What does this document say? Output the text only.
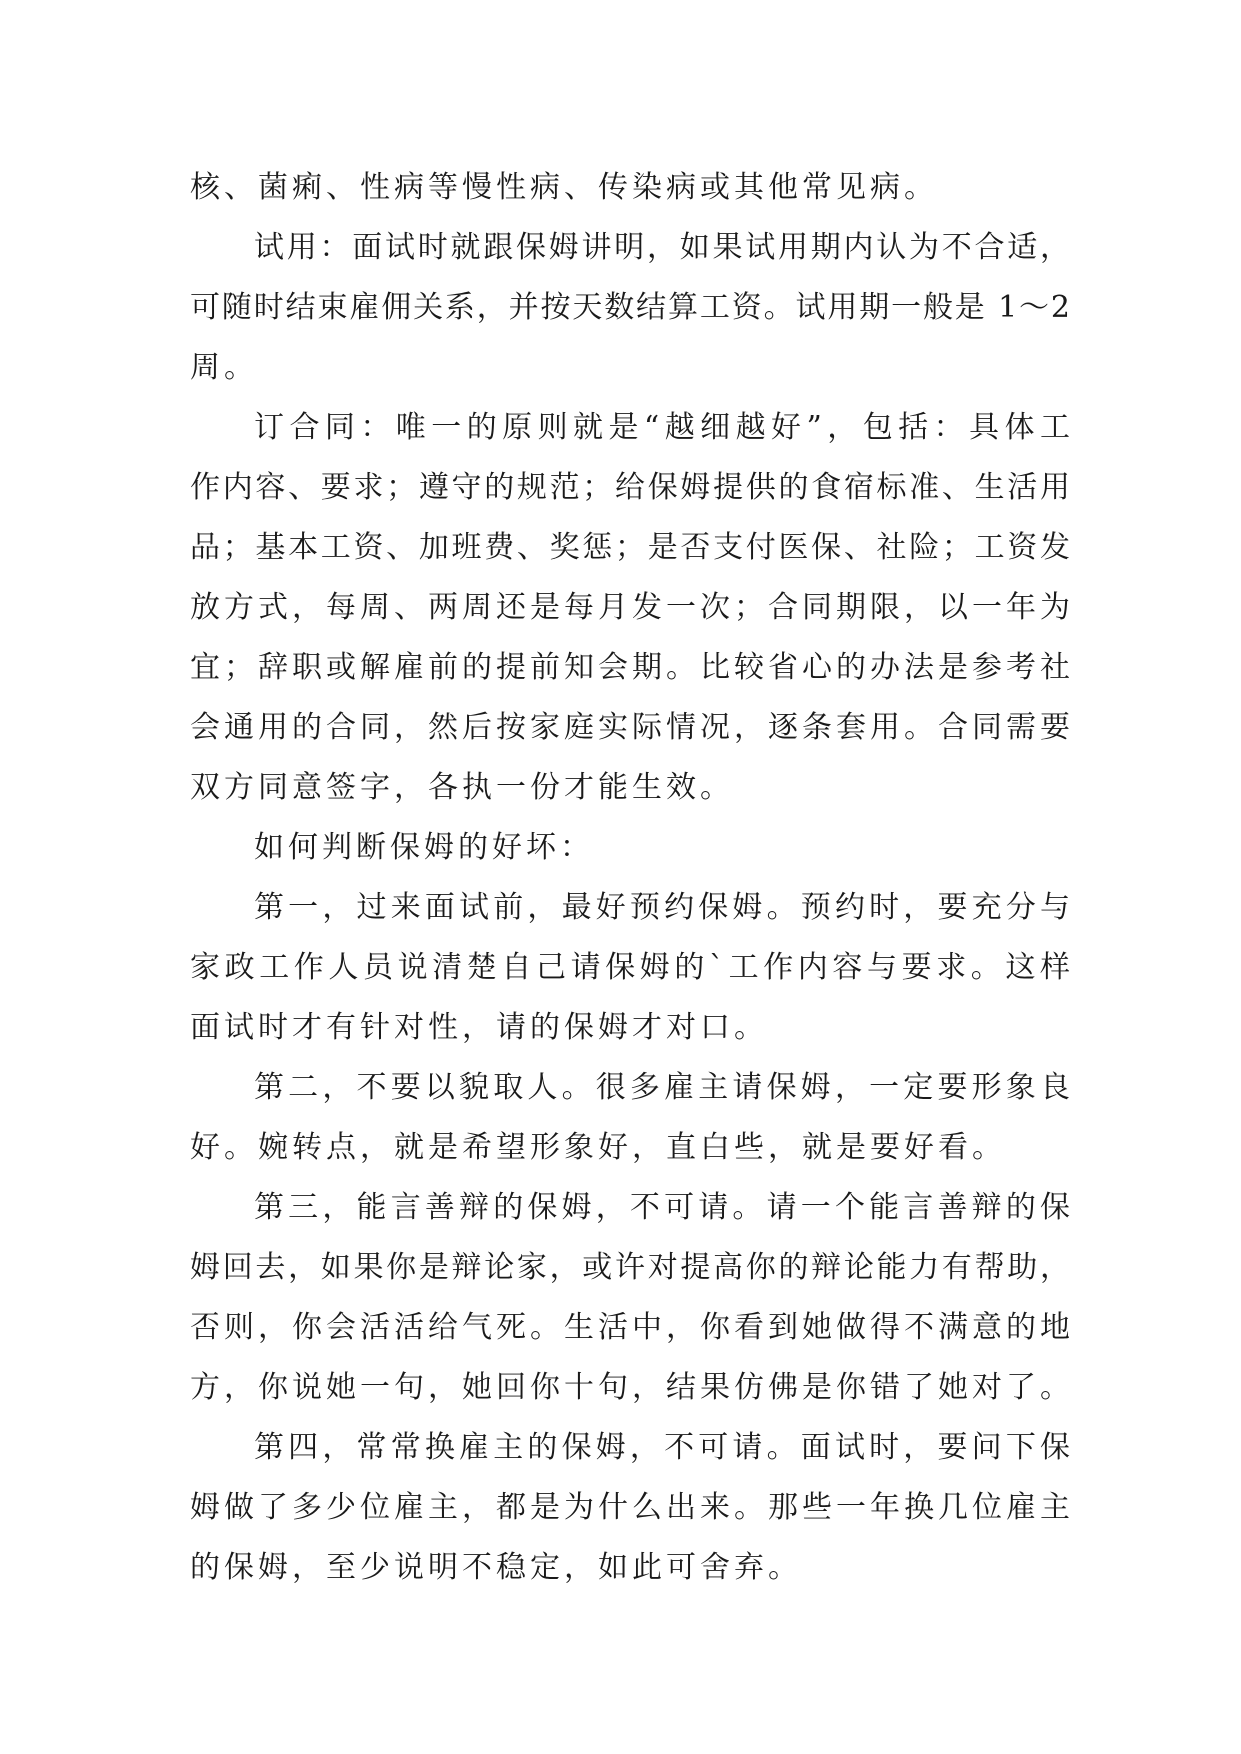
核、菌痢、性病等慢性病、传染病或其他常见病。
试用：面试时就跟保姆讲明，如果试用期内认为不合适，
可随时结束雇佣关系，并按天数结算工资。试用期一般是 1～2
周。
订合同：唯一的原则就是“越细越好”，包括：具体工
作内容、要求；遵守的规范；给保姆提供的食宿标准、生活用
品；基本工资、加班费、奖惩；是否支付医保、社险；工资发
放方式，每周、两周还是每月发一次；合同期限，以一年为
宜；辞职或解雇前的提前知会期。比较省心的办法是参考社
会通用的合同，然后按家庭实际情况，逐条套用。合同需要
双方同意签字，各执一份才能生效。
如何判断保姆的好坏：
第一，过来面试前，最好预约保姆。预约时，要充分与
家政工作人员说清楚自己请保姆的`工作内容与要求。这样
面试时才有针对性，请的保姆才对口。
第二，不要以貌取人。很多雇主请保姆，一定要形象良
好。婉转点，就是希望形象好，直白些，就是要好看。
第三，能言善辩的保姆，不可请。请一个能言善辩的保
姆回去，如果你是辩论家，或许对提高你的辩论能力有帮助，
否则，你会活活给气死。生活中，你看到她做得不满意的地
方，你说她一句，她回你十句，结果仿佛是你错了她对了。
第四，常常换雇主的保姆，不可请。面试时，要问下保
姆做了多少位雇主，都是为什么出来。那些一年换几位雇主
的保姆，至少说明不稳定，如此可舍弃。
